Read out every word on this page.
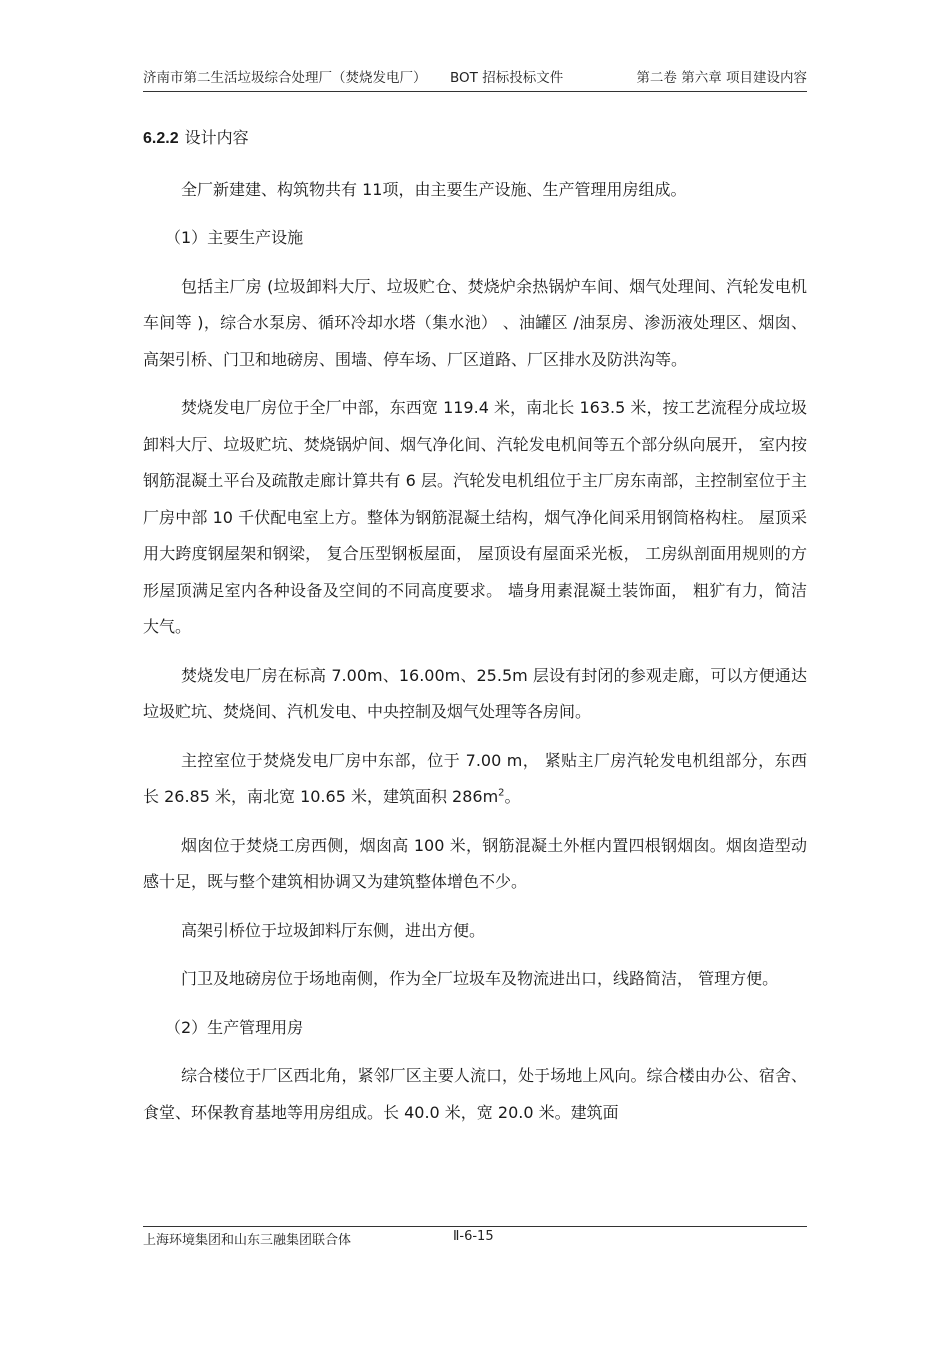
济南市第二生活垃圾综合处理厂（焚烧发电厂） BOT 招标投标文件	第二卷 第六章 项目建设内容

6.2.2 设计内容

全厂新建建、构筑物共有 11项，由主要生产设施、生产管理用房组成。

（1）主要生产设施

包括主厂房 (垃圾卸料大厅、垃圾贮仓、焚烧炉余热锅炉车间、烟气处理间、汽轮发电机车间等 )，综合水泵房、循环冷却水塔（集水池） 、油罐区 /油泵房、渗沥液处理区、烟囱、高架引桥、门卫和地磅房、围墙、停车场、厂区道路、厂区排水及防洪沟等。

焚烧发电厂房位于全厂中部，东西宽 119.4 米，南北长 163.5 米，按工艺流程分成垃圾卸料大厅、垃圾贮坑、焚烧锅炉间、烟气净化间、汽轮发电机间等五个部分纵向展开， 室内按钢筋混凝土平台及疏散走廊计算共有 6 层。汽轮发电机组位于主厂房东南部，主控制室位于主厂房中部 10 千伏配电室上方。整体为钢筋混凝土结构，烟气净化间采用钢筒格构柱。 屋顶采用大跨度钢屋架和钢梁， 复合压型钢板屋面， 屋顶设有屋面采光板， 工房纵剖面用规则的方形屋顶满足室内各种设备及空间的不同高度要求。 墙身用素混凝土装饰面， 粗犷有力，简洁大气。

焚烧发电厂房在标高 7.00m、16.00m、25.5m 层设有封闭的参观走廊，可以方便通达垃圾贮坑、焚烧间、汽机发电、中央控制及烟气处理等各房间。

主控室位于焚烧发电厂房中东部，位于 7.00 m， 紧贴主厂房汽轮发电机组部分，东西长 26.85 米，南北宽 10.65 米，建筑面积 $286m^2$。

烟囱位于焚烧工房西侧，烟囱高 100 米，钢筋混凝土外框内置四根钢烟囱。烟囱造型动感十足，既与整个建筑相协调又为建筑整体增色不少。

高架引桥位于垃圾卸料厅东侧，进出方便。

门卫及地磅房位于场地南侧，作为全厂垃圾车及物流进出口，线路简洁， 管理方便。

（2）生产管理用房

综合楼位于厂区西北角，紧邻厂区主要人流口，处于场地上风向。综合楼由办公、宿舍、食堂、环保教育基地等用房组成。长 40.0 米，宽 20.0 米。建筑面

上海环境集团和山东三融集团联合体	Ⅱ-6-15
